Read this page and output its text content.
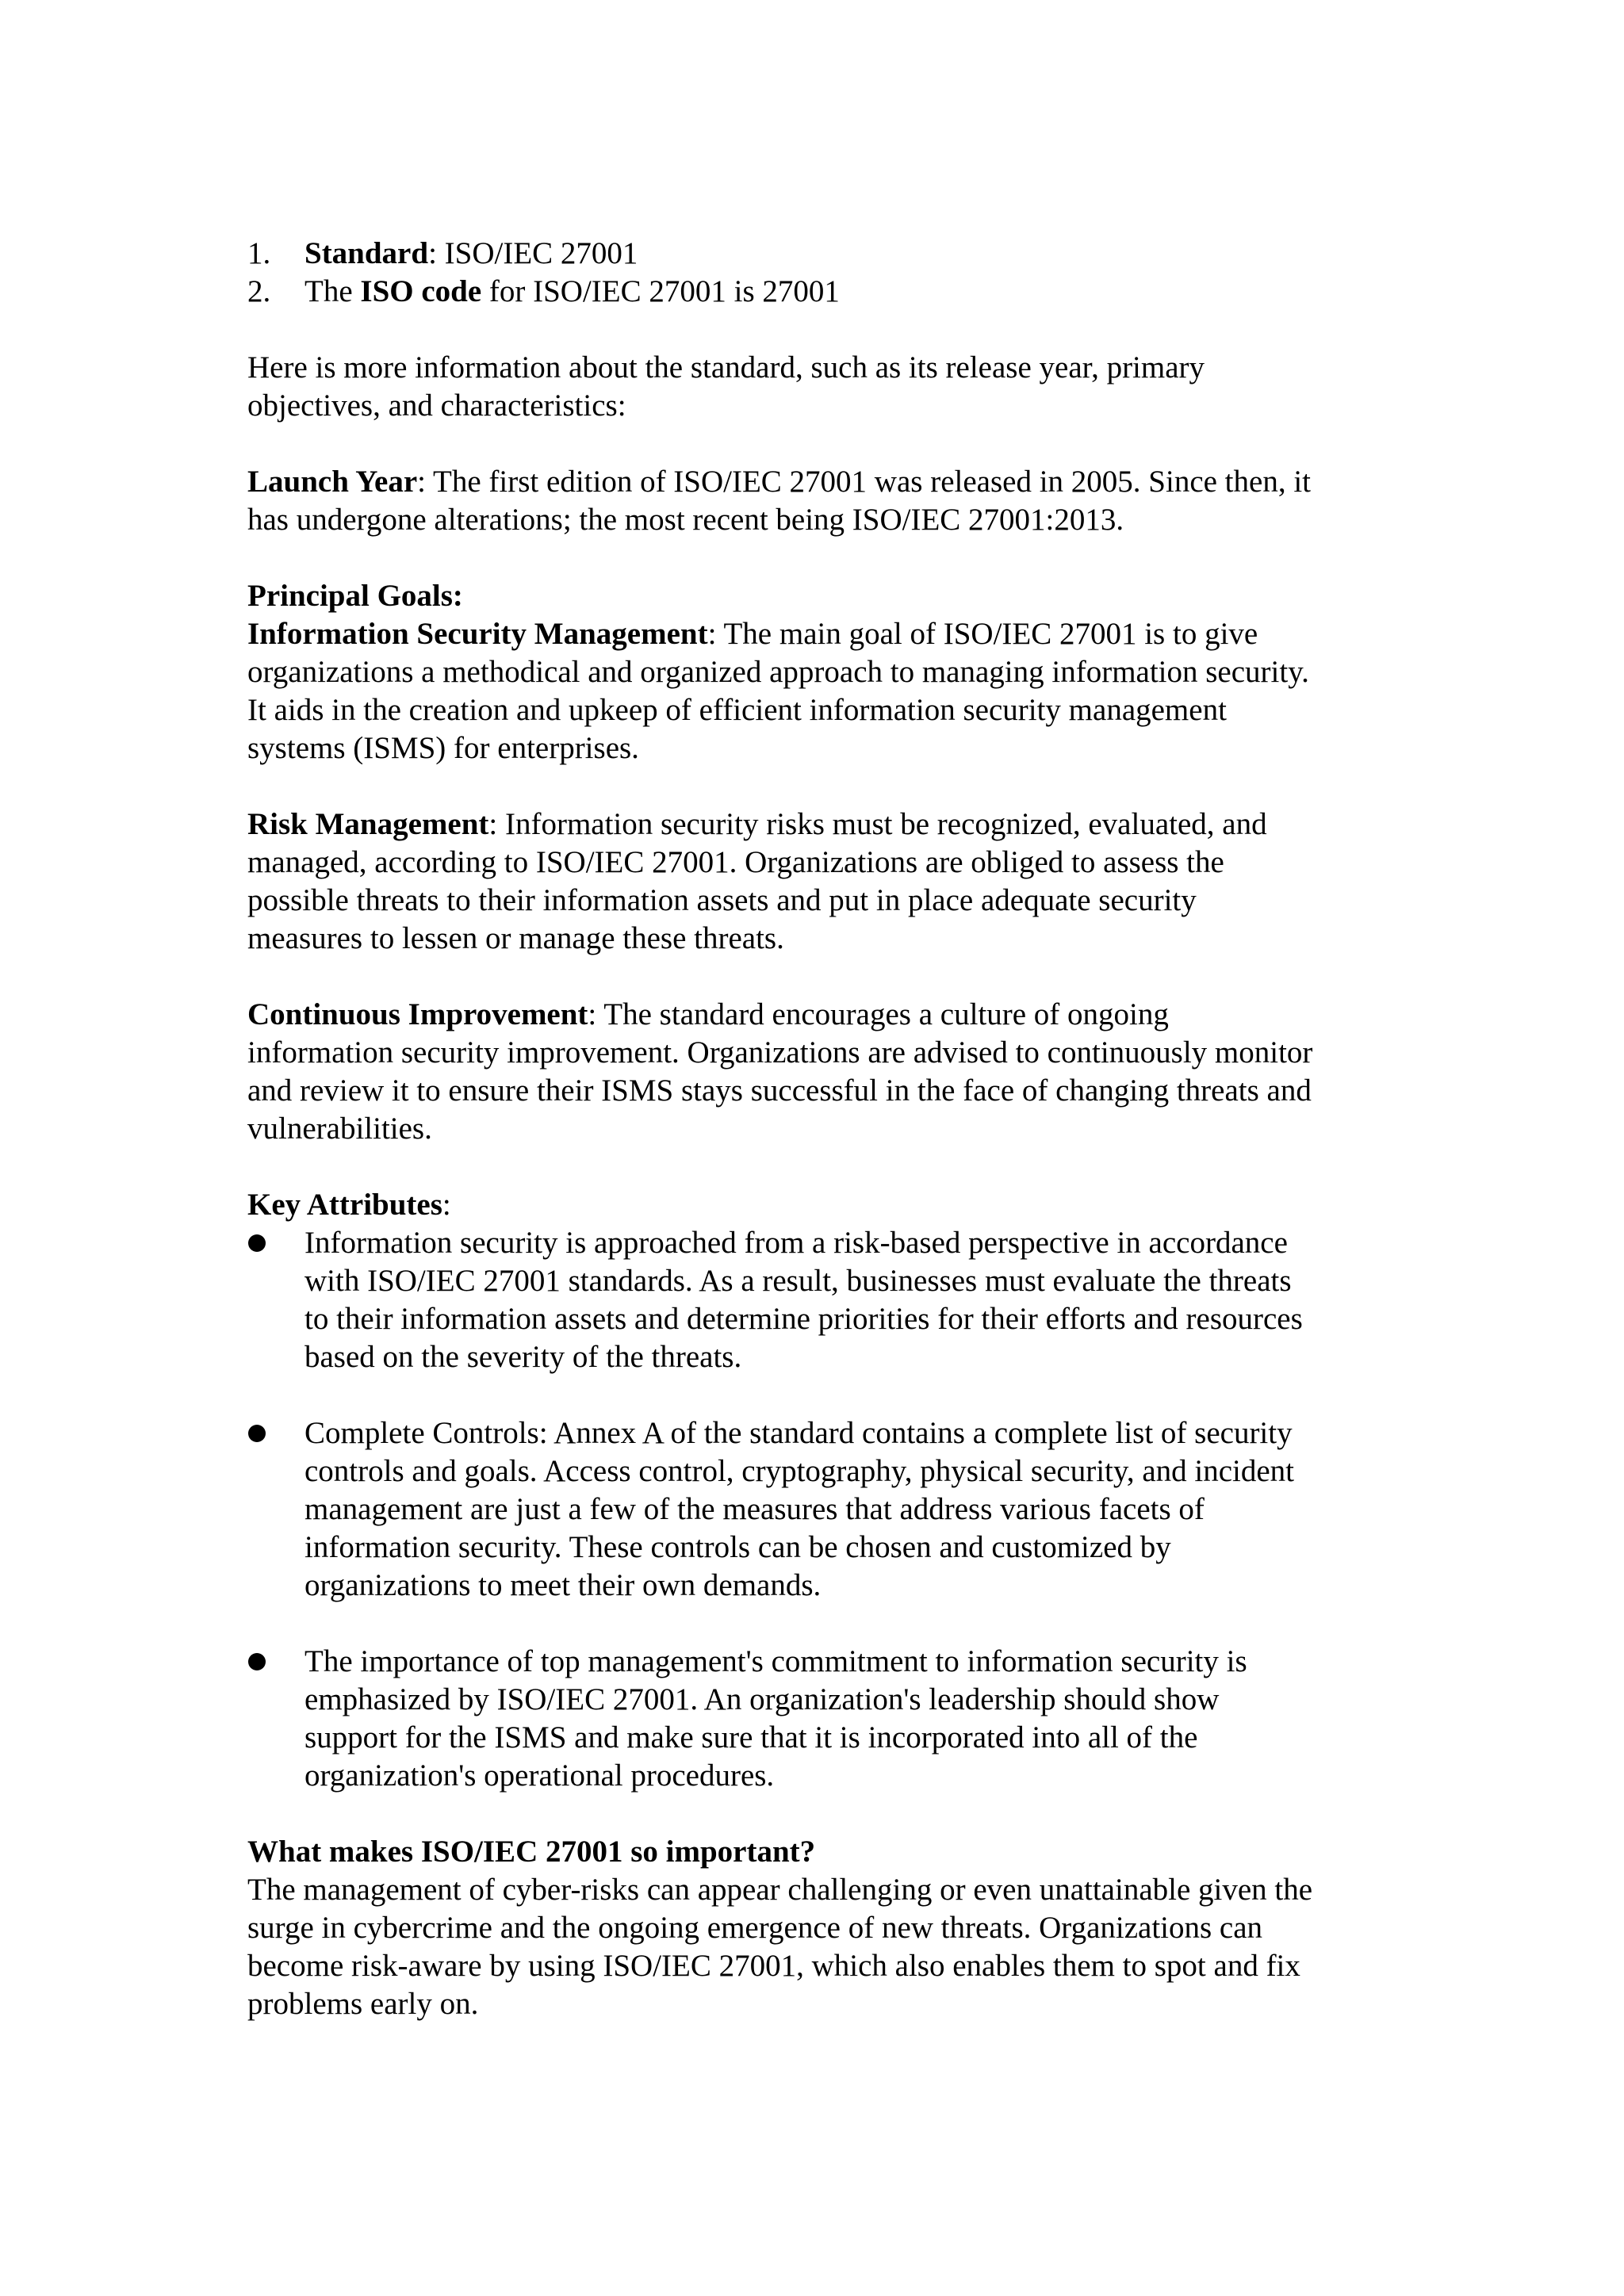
1.	Standard: ISO/IEC 27001
2.	The ISO code for ISO/IEC 27001 is 27001

Here is more information about the standard, such as its release year, primary
objectives, and characteristics:

Launch Year: The first edition of ISO/IEC 27001 was released in 2005. Since then, it
has undergone alterations; the most recent being ISO/IEC 27001:2013.

Principal Goals:

Information Security Management: The main goal of ISO/IEC 27001 is to give
organizations a methodical and organized approach to managing information security.
It aids in the creation and upkeep of efficient information security management
systems (ISMS) for enterprises.

Risk Management: Information security risks must be recognized, evaluated, and
managed, according to ISO/IEC 27001. Organizations are obliged to assess the
possible threats to their information assets and put in place adequate security
measures to lessen or manage these threats.

Continuous Improvement: The standard encourages a culture of ongoing
information security improvement. Organizations are advised to continuously monitor
and review it to ensure their ISMS stays successful in the face of changing threats and
vulnerabilities.

Key Attributes:

Information security is approached from a risk-based perspective in accordance
with ISO/IEC 27001 standards. As a result, businesses must evaluate the threats
to their information assets and determine priorities for their efforts and resources
based on the severity of the threats.
Complete Controls: Annex A of the standard contains a complete list of security
controls and goals. Access control, cryptography, physical security, and incident
management are just a few of the measures that address various facets of
information security. These controls can be chosen and customized by
organizations to meet their own demands.
The importance of top management's commitment to information security is
emphasized by ISO/IEC 27001. An organization's leadership should show
support for the ISMS and make sure that it is incorporated into all of the
organization's operational procedures.

What makes ISO/IEC 27001 so important?

The management of cyber-risks can appear challenging or even unattainable given the
surge in cybercrime and the ongoing emergence of new threats. Organizations can
become risk-aware by using ISO/IEC 27001, which also enables them to spot and fix
problems early on.
